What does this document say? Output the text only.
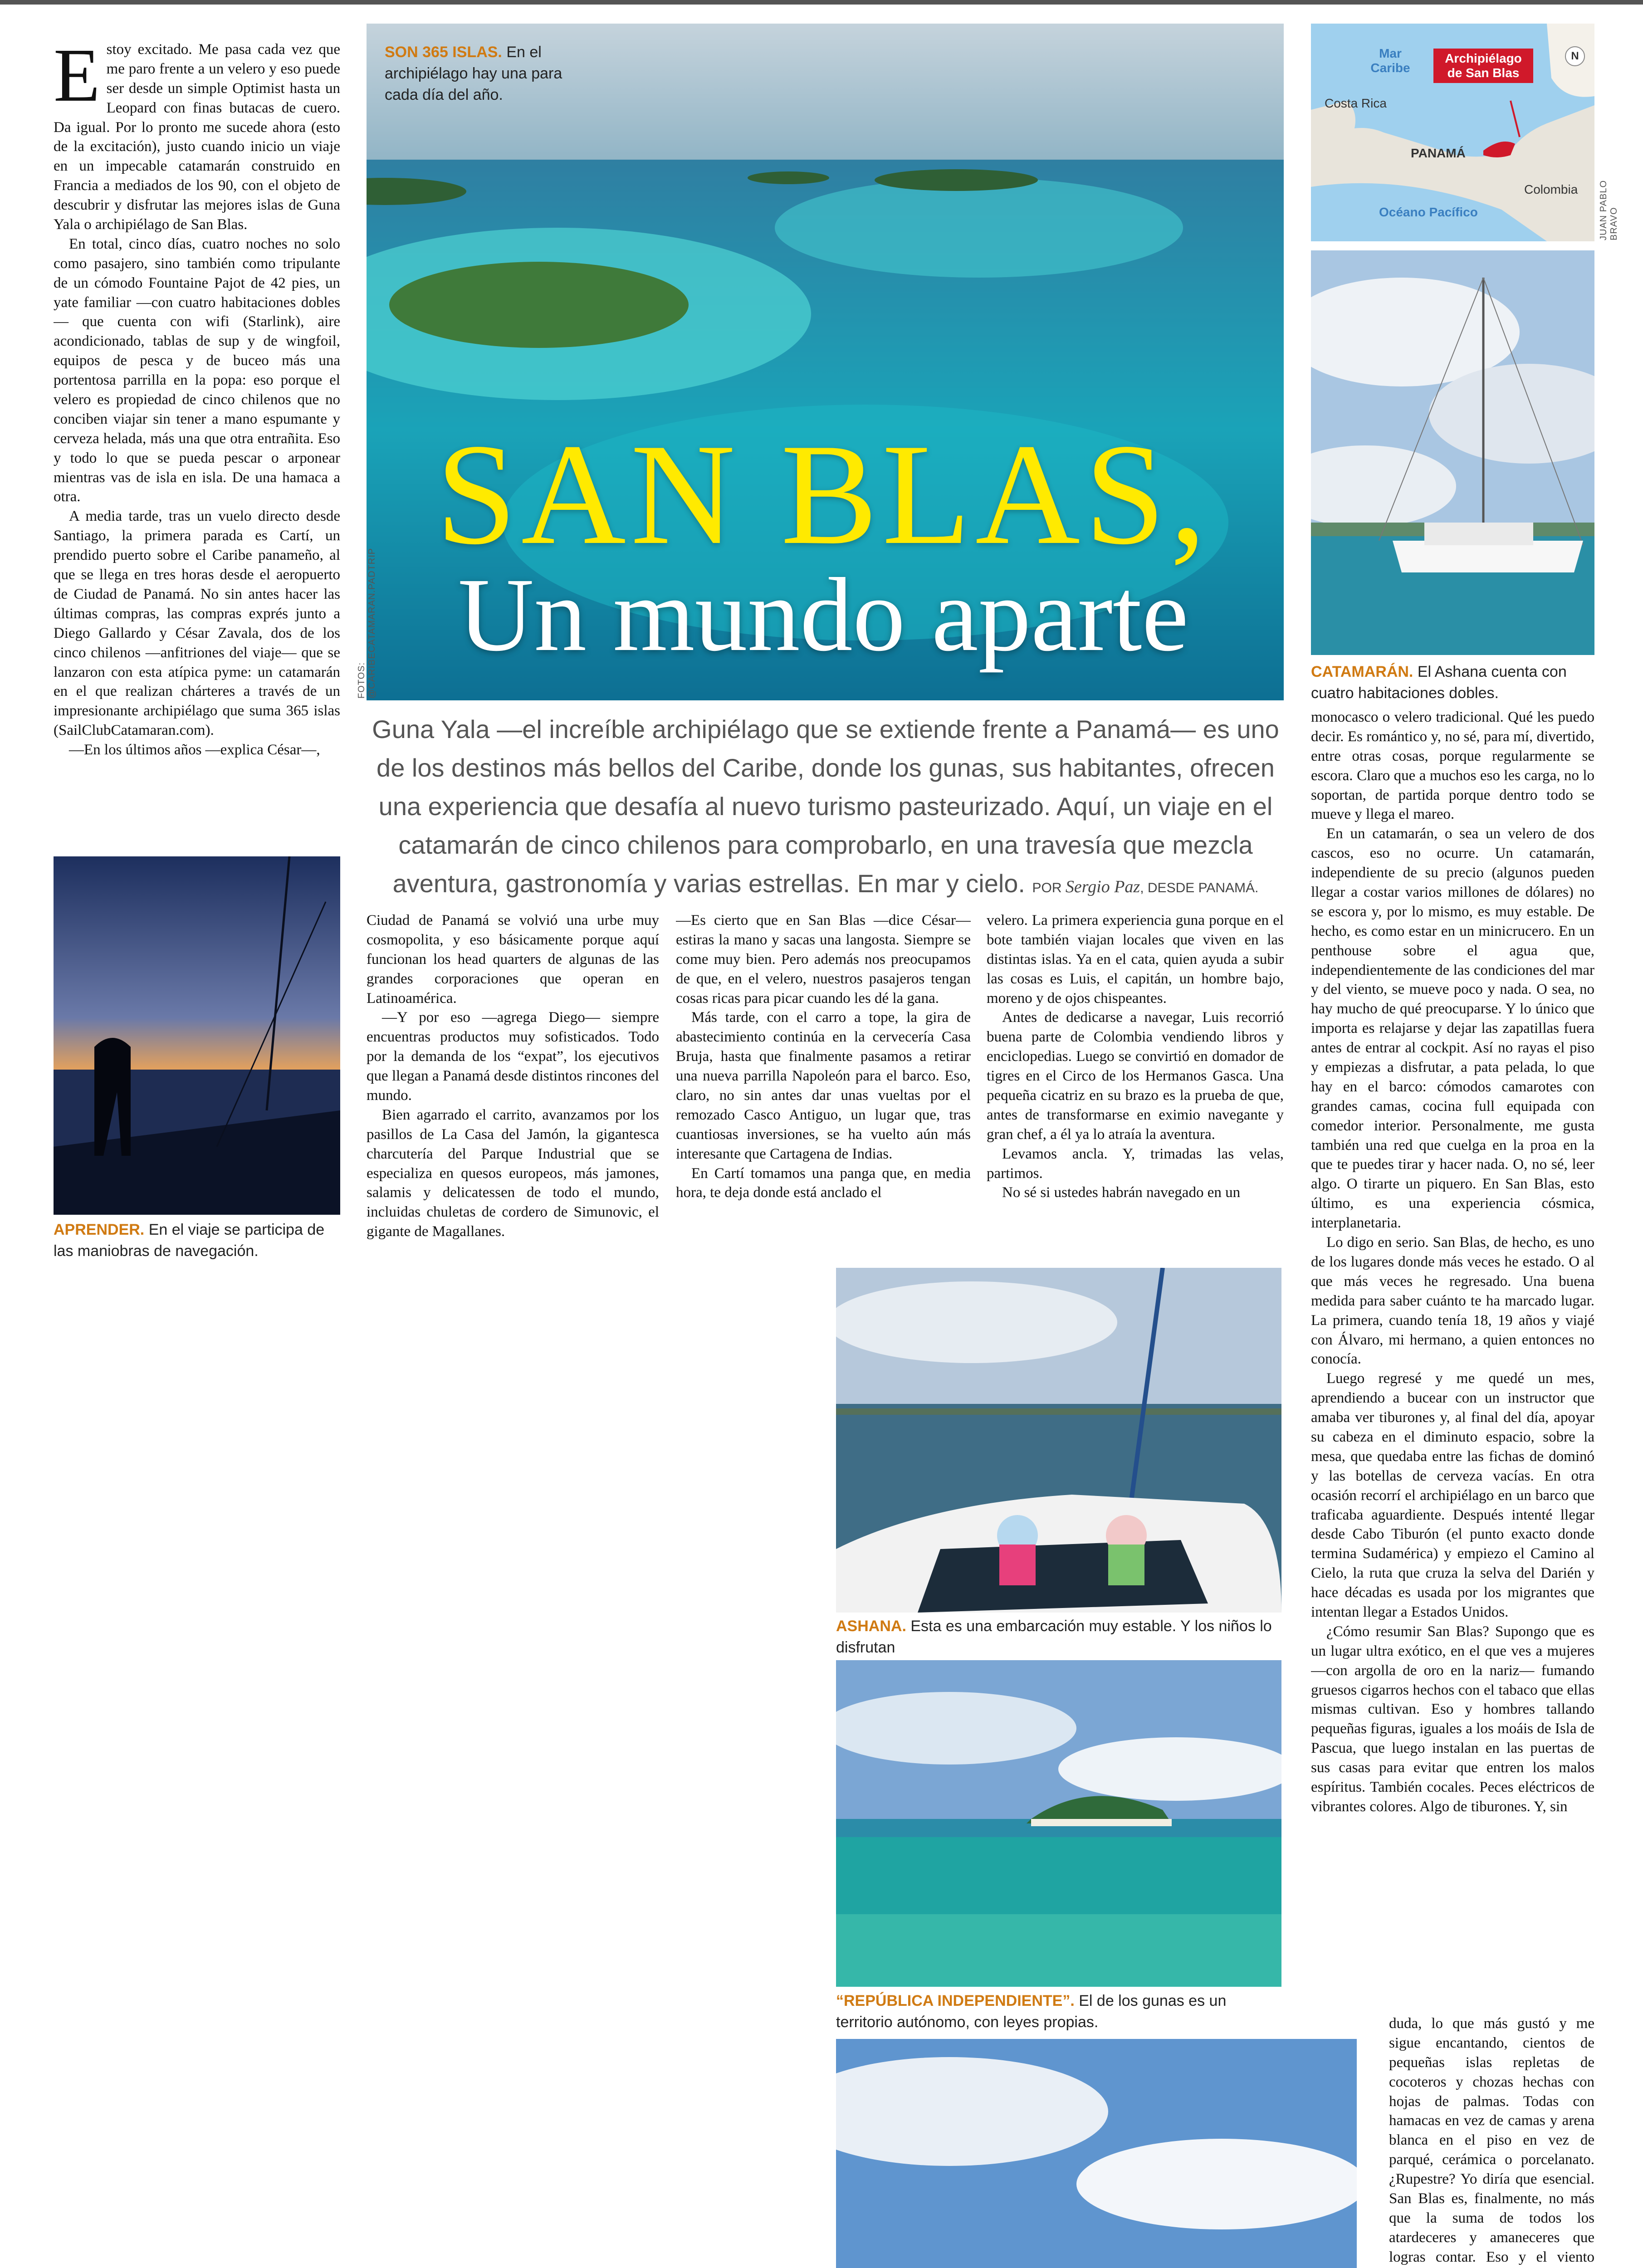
Estoy excitado. Me pasa cada vez que me paro frente a un velero y eso puede ser desde un simple Optimist hasta un Leopard con finas butacas de cuero. Da igual. Por lo pronto me sucede ahora (esto de la excitación), justo cuando inicio un viaje en un impecable catamarán construido en Francia a mediados de los 90, con el objeto de descubrir y disfrutar las mejores islas de Guna Yala o archipiélago de San Blas.

En total, cinco días, cuatro noches no solo como pasajero, sino también como tripulante de un cómodo Fountaine Pajot de 42 pies, un yate familiar —con cuatro habitaciones dobles— que cuenta con wifi (Starlink), aire acondicionado, tablas de sup y de wingfoil, equipos de pesca y de buceo más una portentosa parrilla en la popa: eso porque el velero es propiedad de cinco chilenos que no conciben viajar sin tener a mano espumante y cerveza helada, más una que otra entrañita. Eso y todo lo que se pueda pescar o arponear mientras vas de isla en isla. De una hamaca a otra.

A media tarde, tras un vuelo directo desde Santiago, la primera parada es Cartí, un prendido puerto sobre el Caribe panameño, al que se llega en tres horas desde el aeropuerto de Ciudad de Panamá. No sin antes hacer las últimas compras, las compras exprés junto a Diego Gallardo y César Zavala, dos de los cinco chilenos —anfitriones del viaje— que se lanzaron con esta atípica pyme: un catamarán en el que realizan chárteres a través de un impresionante archipiélago que suma 365 islas (SailClubCatamaran.com).

—En los últimos años —explica César—,

APRENDER. En el viaje se participa de las maniobras de navegación.
SON 365 ISLAS. En el archipiélago hay una para cada día del año.
FOTOS: @CARIBECATAMARAN.PADTRIP
SAN BLAS,
Un mundo aparte
Guna Yala —el increíble archipiélago que se extiende frente a Panamá— es uno de los destinos más bellos del Caribe, donde los gunas, sus habitantes, ofrecen una experiencia que desafía al nuevo turismo pasteurizado. Aquí, un viaje en el catamarán de cinco chilenos para comprobarlo, en una travesía que mezcla aventura, gastronomía y varias estrellas. En mar y cielo. POR Sergio Paz, DESDE PANAMÁ.
Mar Caribe
Archipiélago de San Blas
Costa Rica
PANAMÁ
Colombia
Océano Pacífico
N
JUAN PABLO BRAVO
CATAMARÁN. El Ashana cuenta con cuatro habitaciones dobles.

Ciudad de Panamá se volvió una urbe muy cosmopolita, y eso básicamente porque aquí funcionan los head quarters de algunas de las grandes corporaciones que operan en Latinoamérica.

—Y por eso —agrega Diego— siempre encuentras productos muy sofisticados. Todo por la demanda de los “expat”, los ejecutivos que llegan a Panamá desde distintos rincones del mundo.

Bien agarrado el carrito, avanzamos por los pasillos de La Casa del Jamón, la gigantesca charcutería del Parque Industrial que se especializa en quesos europeos, más jamones, salamis y delicatessen de todo el mundo, incluidas chuletas de cordero de Simunovic, el gigante de Magallanes.

—Es cierto que en San Blas —dice César— estiras la mano y sacas una langosta. Siempre se come muy bien. Pero además nos preocupamos de que, en el velero, nuestros pasajeros tengan cosas ricas para picar cuando les dé la gana.

Más tarde, con el carro a tope, la gira de abastecimiento continúa en la cervecería Casa Bruja, hasta que finalmente pasamos a retirar una nueva parrilla Napoleón para el barco. Eso, claro, no sin antes dar unas vueltas por el remozado Casco Antiguo, un lugar que, tras cuantiosas inversiones, se ha vuelto aún más interesante que Cartagena de Indias.

En Cartí tomamos una panga que, en media hora, te deja donde está anclado el

velero. La primera experiencia guna porque en el bote también viajan locales que viven en las distintas islas. Ya en el cata, quien ayuda a subir las cosas es Luis, el capitán, un hombre bajo, moreno y de ojos chispeantes.

Antes de dedicarse a navegar, Luis recorrió buena parte de Colombia vendiendo libros y enciclopedias. Luego se convirtió en domador de tigres en el Circo de los Hermanos Gasca. Una pequeña cicatriz en su brazo es la prueba de que, antes de transformarse en eximio navegante y gran chef, a él ya lo atraía la aventura.

Levamos ancla. Y, trimadas las velas, partimos.

No sé si ustedes habrán navegado en un

ASHANA. Esta es una embarcación muy estable. Y los niños lo disfrutan
“REPÚBLICA INDEPENDIENTE”. El de los gunas es un territorio autónomo, con leyes propias.

monocasco o velero tradicional. Qué les puedo decir. Es romántico y, no sé, para mí, divertido, entre otras cosas, porque regularmente se escora. Claro que a muchos eso les carga, no lo soportan, de partida porque dentro todo se mueve y llega el mareo.

En un catamarán, o sea un velero de dos cascos, eso no ocurre. Un catamarán, independiente de su precio (algunos pueden llegar a costar varios millones de dólares) no se escora y, por lo mismo, es muy estable. De hecho, es como estar en un minicrucero. En un penthouse sobre el agua que, independientemente de las condiciones del mar y del viento, se mueve poco y nada. O sea, no hay mucho de qué preocuparse. Y lo único que importa es relajarse y dejar las zapatillas fuera antes de entrar al cockpit. Así no rayas el piso y empiezas a disfrutar, a pata pelada, lo que hay en el barco: cómodos camarotes con grandes camas, cocina full equipada con comedor interior. Personalmente, me gusta también una red que cuelga en la proa en la que te puedes tirar y hacer nada. O, no sé, leer algo. O tirarte un piquero. En San Blas, esto último, es una experiencia cósmica, interplanetaria.

Lo digo en serio. San Blas, de hecho, es uno de los lugares donde más veces he estado. O al que más veces he regresado. Una buena medida para saber cuánto te ha marcado lugar. La primera, cuando tenía 18, 19 años y viajé con Álvaro, mi hermano, a quien entonces no conocía.

Luego regresé y me quedé un mes, aprendiendo a bucear con un instructor que amaba ver tiburones y, al final del día, apoyar su cabeza en el diminuto espacio, sobre la mesa, que quedaba entre las fichas de dominó y las botellas de cerveza vacías. En otra ocasión recorrí el archipiélago en un barco que traficaba aguardiente. Después intenté llegar desde Cabo Tiburón (el punto exacto donde termina Sudamérica) y empiezo el Camino al Cielo, la ruta que cruza la selva del Darién y hace décadas es usada por los migrantes que intentan llegar a Estados Unidos.

¿Cómo resumir San Blas? Supongo que es un lugar ultra exótico, en el que ves a mujeres —con argolla de oro en la nariz— fumando gruesos cigarros hechos con el tabaco que ellas mismas cultivan. Eso y hombres tallando pequeñas figuras, iguales a los moáis de Isla de Pascua, que luego instalan en las puertas de sus casas para evitar que entren los malos espíritus. También cocales. Peces eléctricos de vibrantes colores. Algo de tiburones. Y, sin

duda, lo que más gustó y me sigue encantando, cientos de pequeñas islas repletas de cocoteros y chozas hechas con hojas de palmas. Todas con hamacas en vez de camas y arena blanca en el piso en vez de parqué, cerámica o porcelanato. ¿Rupestre? Yo diría que esencial. San Blas es, finalmente, no más que la suma de todos los atardeceres y amaneceres que logras contar. Eso y el viento
